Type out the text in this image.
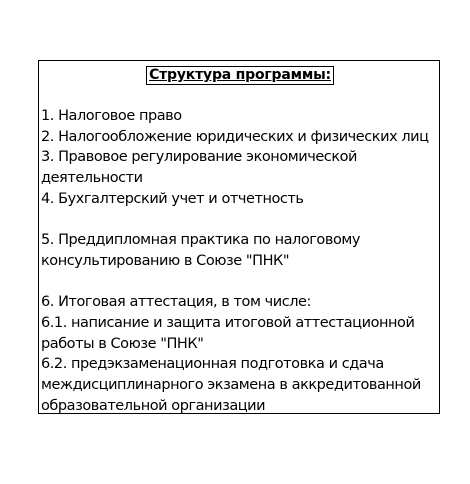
Структура программы:
1. Налоговое право
2. Налогообложение юридических и физических лиц
3. Правовое регулирование экономической
деятельности
4. Бухгалтерский учет и отчетность
5. Преддипломная практика по налоговому
консультированию в Союзе "ПНК"
6. Итоговая аттестация, в том числе:
6.1. написание и защита итоговой аттестационной
работы в Союзе "ПНК"
6.2. предэкзаменационная подготовка и сдача
междисциплинарного экзамена в аккредитованной
образовательной организации
